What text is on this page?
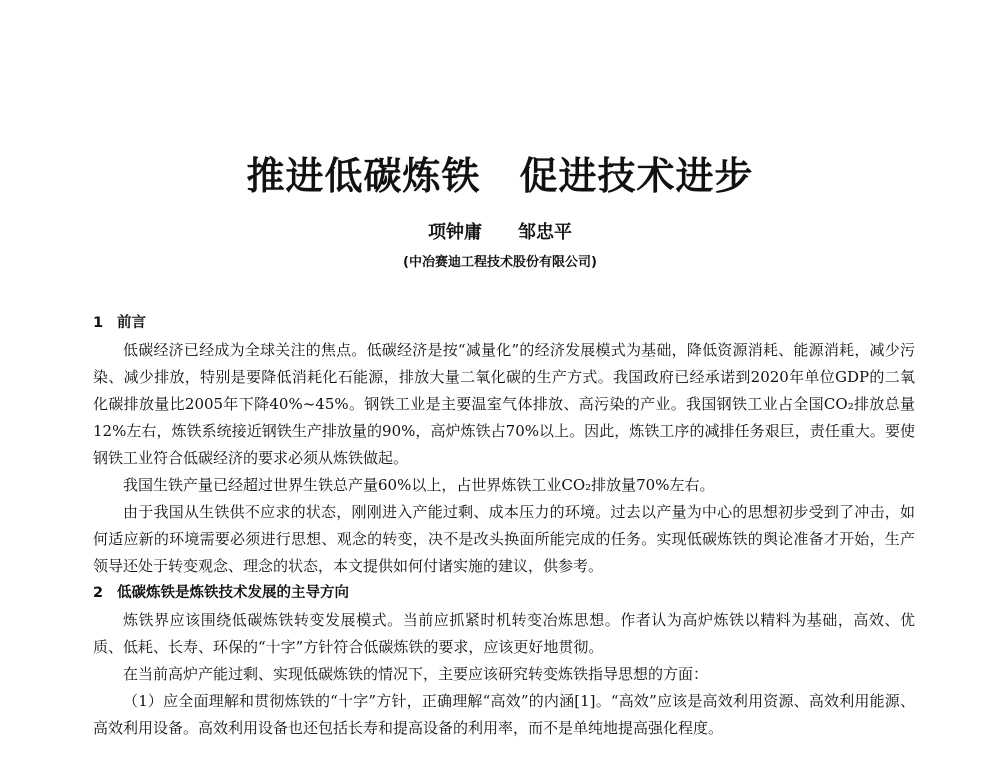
推进低碳炼铁　促进技术进步
项钟庸　　邹忠平
(中冶赛迪工程技术股份有限公司)
1 前言

低碳经济已经成为全球关注的焦点。低碳经济是按“减量化”的经济发展模式为基础，降低资源消耗、能源消耗，减少污染、减少排放，特别是要降低消耗化石能源，排放大量二氧化碳的生产方式。我国政府已经承诺到2020年单位GDP的二氧化碳排放量比2005年下降40%~45%。钢铁工业是主要温室气体排放、高污染的产业。我国钢铁工业占全国CO₂排放总量12%左右，炼铁系统接近钢铁生产排放量的90%，高炉炼铁占70%以上。因此，炼铁工序的减排任务艰巨，责任重大。要使钢铁工业符合低碳经济的要求必须从炼铁做起。

我国生铁产量已经超过世界生铁总产量60%以上，占世界炼铁工业CO₂排放量70%左右。

由于我国从生铁供不应求的状态，刚刚进入产能过剩、成本压力的环境。过去以产量为中心的思想初步受到了冲击，如何适应新的环境需要必须进行思想、观念的转变，决不是改头换面所能完成的任务。实现低碳炼铁的舆论准备才开始，生产领导还处于转变观念、理念的状态，本文提供如何付诸实施的建议，供参考。

2 低碳炼铁是炼铁技术发展的主导方向

炼铁界应该围绕低碳炼铁转变发展模式。当前应抓紧时机转变冶炼思想。作者认为高炉炼铁以精料为基础，高效、优质、低耗、长寿、环保的“十字”方针符合低碳炼铁的要求，应该更好地贯彻。

在当前高炉产能过剩、实现低碳炼铁的情况下，主要应该研究转变炼铁指导思想的方面：

（1）应全面理解和贯彻炼铁的“十字”方针，正确理解“高效”的内涵[1]。“高效”应该是高效利用资源、高效利用能源、高效利用设备。高效利用设备也还包括长寿和提高设备的利用率，而不是单纯地提高强化程度。
